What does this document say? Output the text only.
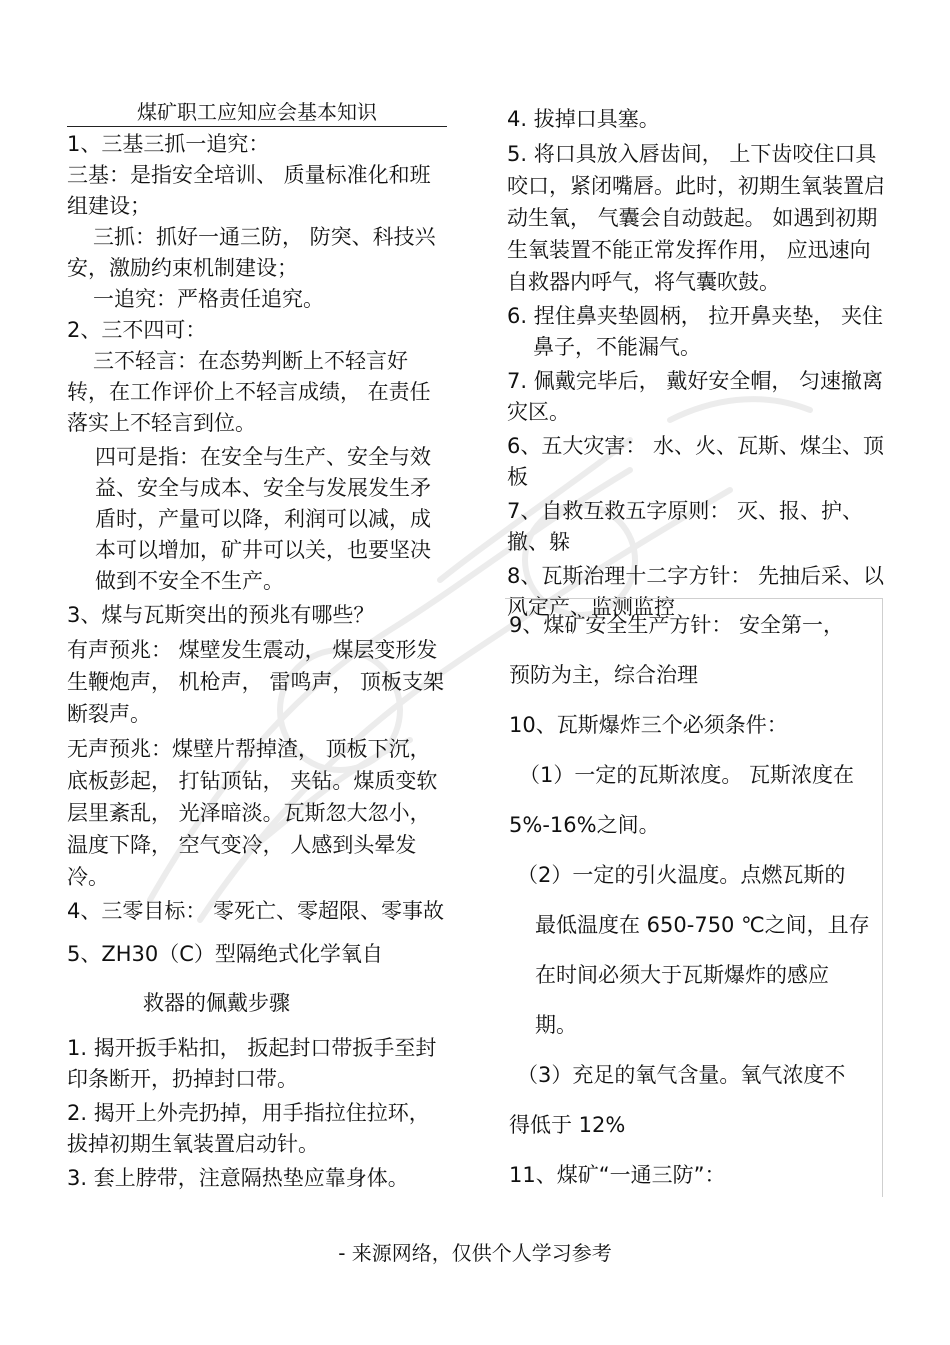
煤矿职工应知应会基本知识

1、三基三抓一追究：

三基：是指安全培训、 质量标准化和班组建设；

三抓：抓好一通三防， 防突、科技兴安，激励约束机制建设；

一追究：严格责任追究。

2、三不四可：

三不轻言：在态势判断上不轻言好转，在工作评价上不轻言成绩， 在责任落实上不轻言到位。

四可是指：在安全与生产、安全与效益、安全与成本、安全与发展发生矛盾时，产量可以降，利润可以减，成本可以增加，矿井可以关，也要坚决做到不安全不生产。

3、煤与瓦斯突出的预兆有哪些？

有声预兆： 煤壁发生震动， 煤层变形发生鞭炮声， 机枪声， 雷鸣声， 顶板支架断裂声。

无声预兆：煤壁片帮掉渣， 顶板下沉，底板彭起， 打钻顶钻， 夹钻。煤质变软层里紊乱， 光泽暗淡。瓦斯忽大忽小，温度下降， 空气变冷， 人感到头晕发冷。

4、三零目标： 零死亡、零超限、零事故

5、ZH30（C）型隔绝式化学氧自

救器的佩戴步骤

1. 揭开扳手粘扣， 扳起封口带扳手至封印条断开，扔掉封口带。

2. 揭开上外壳扔掉，用手指拉住拉环，拔掉初期生氧装置启动针。

3. 套上脖带，注意隔热垫应靠身体。

4. 拔掉口具塞。

5. 将口具放入唇齿间， 上下齿咬住口具咬口，紧闭嘴唇。此时，初期生氧装置启动生氧， 气囊会自动鼓起。 如遇到初期生氧装置不能正常发挥作用， 应迅速向自救器内呼气，将气囊吹鼓。

6. 捏住鼻夹垫圆柄， 拉开鼻夹垫， 夹住鼻子，不能漏气。

7. 佩戴完毕后， 戴好安全帽， 匀速撤离灾区。

6、五大灾害： 水、火、瓦斯、煤尘、顶板

7、自救互救五字原则： 灭、报、护、撤、躲

8、瓦斯治理十二字方针： 先抽后采、以风定产、监测监控

9、煤矿安全生产方针： 安全第一，

预防为主，综合治理

10、瓦斯爆炸三个必须条件：

（1）一定的瓦斯浓度。 瓦斯浓度在

5%-16%之间。

（2）一定的引火温度。点燃瓦斯的

最低温度在 650-750 ℃之间，且存

在时间必须大于瓦斯爆炸的感应

期。

（3）充足的氧气含量。氧气浓度不

得低于 12%

11、煤矿“一通三防”：

- 来源网络，仅供个人学习参考
